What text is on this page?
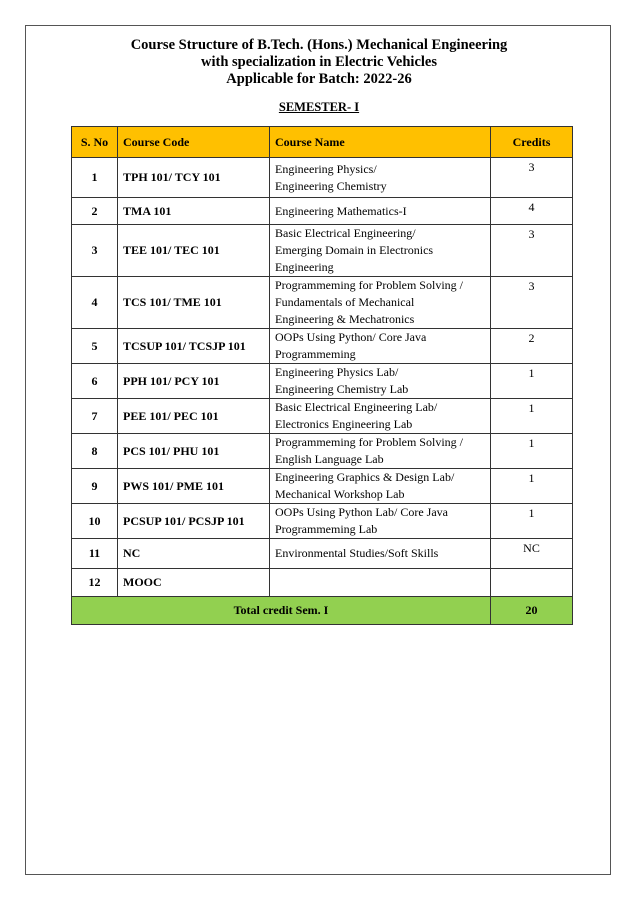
Course Structure of B.Tech. (Hons.) Mechanical Engineering
with specialization in Electric Vehicles
Applicable for Batch: 2022-26
SEMESTER- I
S. No	Course Code	Course Name	Credits
1	TPH 101/ TCY 101	Engineering Physics/
Engineering Chemistry	3
2	TMA 101	Engineering Mathematics-I	4
3	TEE 101/ TEC 101	Basic Electrical Engineering/
Emerging Domain in Electronics
Engineering	3
4	TCS 101/ TME 101	Programmeming for Problem Solving /
Fundamentals of Mechanical
Engineering & Mechatronics	3
5	TCSUP 101/ TCSJP 101	OOPs Using Python/ Core Java
Programmeming	2
6	PPH 101/ PCY 101	Engineering Physics Lab/
Engineering Chemistry Lab	1
7	PEE 101/ PEC 101	Basic Electrical Engineering Lab/
Electronics Engineering Lab	1
8	PCS 101/ PHU 101	Programmeming for Problem Solving /
English Language Lab	1
9	PWS 101/ PME 101	Engineering Graphics & Design Lab/
Mechanical Workshop Lab	1
10	PCSUP 101/ PCSJP 101	OOPs Using Python Lab/ Core Java
Programmeming Lab	1
11	NC	Environmental Studies/Soft Skills	NC
12	MOOC	

Total credit Sem. I			20
